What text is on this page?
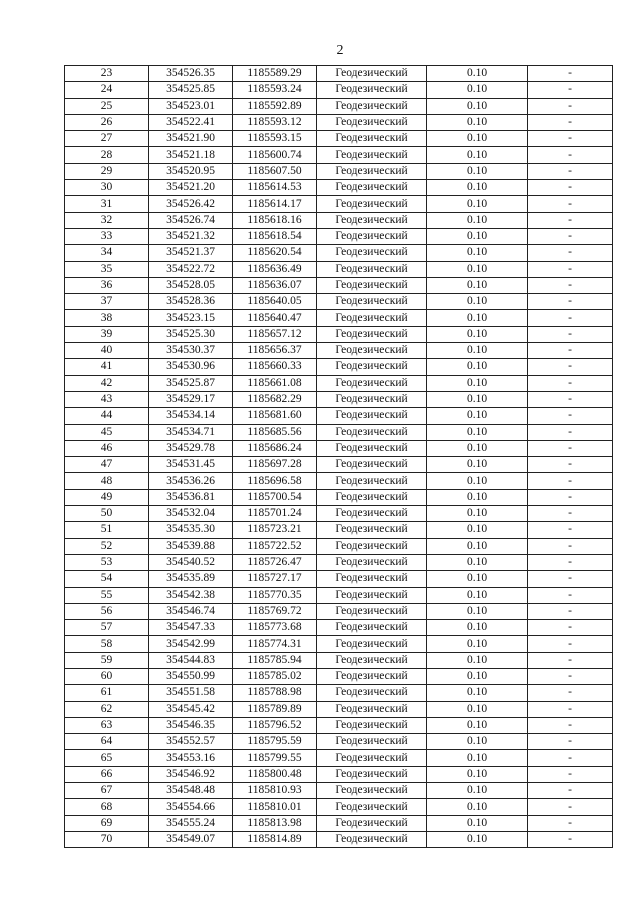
2
23	354526.35	1185589.29	Геодезический	0.10	-
24	354525.85	1185593.24	Геодезический	0.10	-
25	354523.01	1185592.89	Геодезический	0.10	-
26	354522.41	1185593.12	Геодезический	0.10	-
27	354521.90	1185593.15	Геодезический	0.10	-
28	354521.18	1185600.74	Геодезический	0.10	-
29	354520.95	1185607.50	Геодезический	0.10	-
30	354521.20	1185614.53	Геодезический	0.10	-
31	354526.42	1185614.17	Геодезический	0.10	-
32	354526.74	1185618.16	Геодезический	0.10	-
33	354521.32	1185618.54	Геодезический	0.10	-
34	354521.37	1185620.54	Геодезический	0.10	-
35	354522.72	1185636.49	Геодезический	0.10	-
36	354528.05	1185636.07	Геодезический	0.10	-
37	354528.36	1185640.05	Геодезический	0.10	-
38	354523.15	1185640.47	Геодезический	0.10	-
39	354525.30	1185657.12	Геодезический	0.10	-
40	354530.37	1185656.37	Геодезический	0.10	-
41	354530.96	1185660.33	Геодезический	0.10	-
42	354525.87	1185661.08	Геодезический	0.10	-
43	354529.17	1185682.29	Геодезический	0.10	-
44	354534.14	1185681.60	Геодезический	0.10	-
45	354534.71	1185685.56	Геодезический	0.10	-
46	354529.78	1185686.24	Геодезический	0.10	-
47	354531.45	1185697.28	Геодезический	0.10	-
48	354536.26	1185696.58	Геодезический	0.10	-
49	354536.81	1185700.54	Геодезический	0.10	-
50	354532.04	1185701.24	Геодезический	0.10	-
51	354535.30	1185723.21	Геодезический	0.10	-
52	354539.88	1185722.52	Геодезический	0.10	-
53	354540.52	1185726.47	Геодезический	0.10	-
54	354535.89	1185727.17	Геодезический	0.10	-
55	354542.38	1185770.35	Геодезический	0.10	-
56	354546.74	1185769.72	Геодезический	0.10	-
57	354547.33	1185773.68	Геодезический	0.10	-
58	354542.99	1185774.31	Геодезический	0.10	-
59	354544.83	1185785.94	Геодезический	0.10	-
60	354550.99	1185785.02	Геодезический	0.10	-
61	354551.58	1185788.98	Геодезический	0.10	-
62	354545.42	1185789.89	Геодезический	0.10	-
63	354546.35	1185796.52	Геодезический	0.10	-
64	354552.57	1185795.59	Геодезический	0.10	-
65	354553.16	1185799.55	Геодезический	0.10	-
66	354546.92	1185800.48	Геодезический	0.10	-
67	354548.48	1185810.93	Геодезический	0.10	-
68	354554.66	1185810.01	Геодезический	0.10	-
69	354555.24	1185813.98	Геодезический	0.10	-
70	354549.07	1185814.89	Геодезический	0.10	-
